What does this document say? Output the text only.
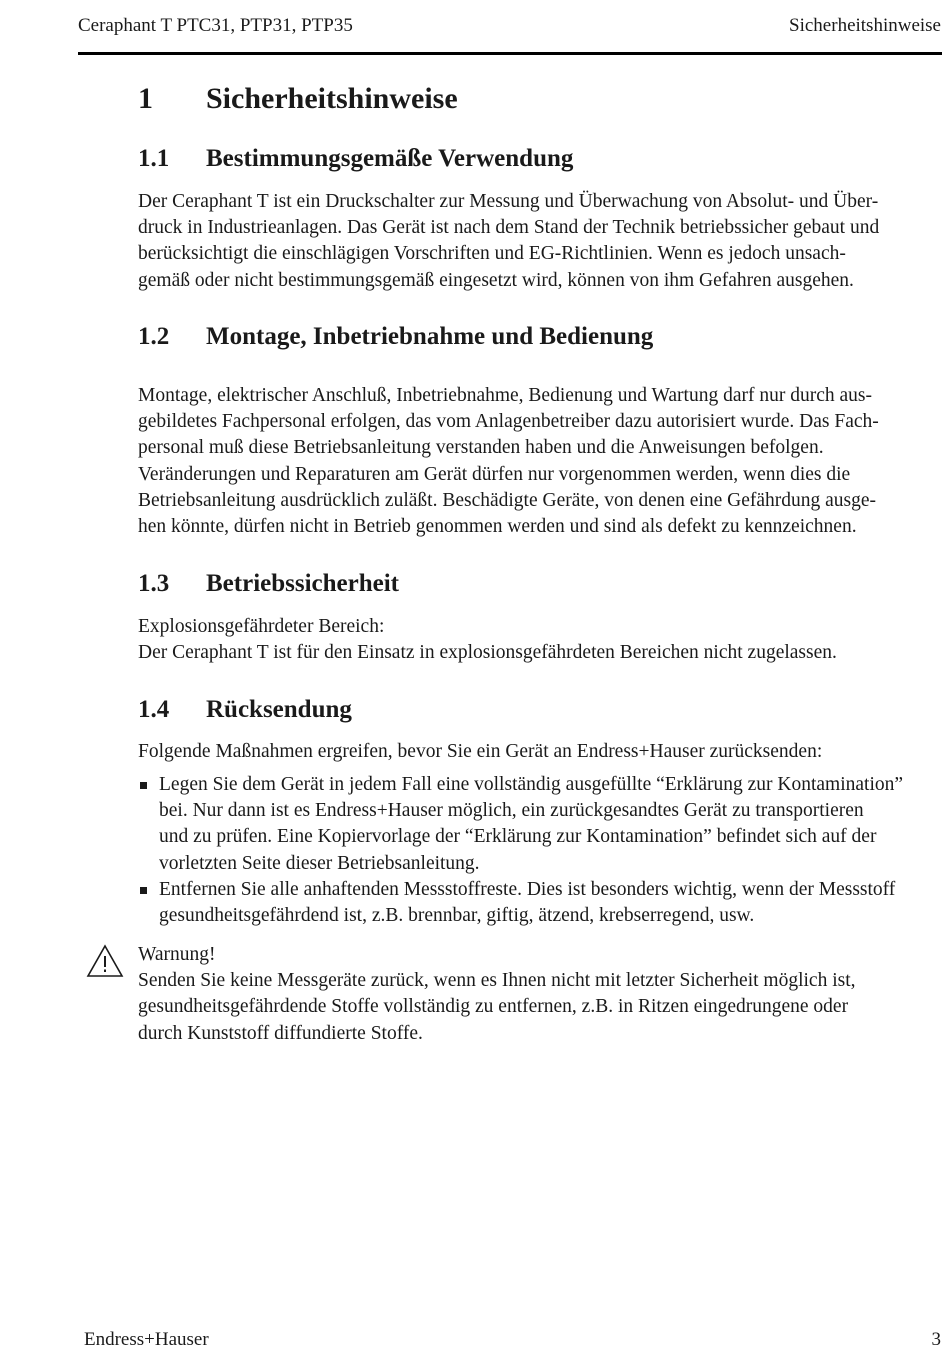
Ceraphant T PTC31, PTP31, PTP35	Sicherheitshinweise
1 Sicherheitshinweise
1.1 Bestimmungsgemäße Verwendung

Der Ceraphant T ist ein Druckschalter zur Messung und Überwachung von Absolut- und Über-
druck in Industrieanlagen. Das Gerät ist nach dem Stand der Technik betriebssicher gebaut und
berücksichtigt die einschlägigen Vorschriften und EG-Richtlinien. Wenn es jedoch unsach-
gemäß oder nicht bestimmungsgemäß eingesetzt wird, können von ihm Gefahren ausgehen.

1.2 Montage, Inbetriebnahme und Bedienung

Montage, elektrischer Anschluß, Inbetriebnahme, Bedienung und Wartung darf nur durch aus-
gebildetes Fachpersonal erfolgen, das vom Anlagenbetreiber dazu autorisiert wurde. Das Fach-
personal muß diese Betriebsanleitung verstanden haben und die Anweisungen befolgen.
Veränderungen und Reparaturen am Gerät dürfen nur vorgenommen werden, wenn dies die
Betriebsanleitung ausdrücklich zuläßt. Beschädigte Geräte, von denen eine Gefährdung ausge-
hen könnte, dürfen nicht in Betrieb genommen werden und sind als defekt zu kennzeichnen.

1.3 Betriebssicherheit

Explosionsgefährdeter Bereich:
Der Ceraphant T ist für den Einsatz in explosionsgefährdeten Bereichen nicht zugelassen.

1.4 Rücksendung

Folgende Maßnahmen ergreifen, bevor Sie ein Gerät an Endress+Hauser zurücksenden:

Legen Sie dem Gerät in jedem Fall eine vollständig ausgefüllte “Erklärung zur Kontamination”
bei. Nur dann ist es Endress+Hauser möglich, ein zurückgesandtes Gerät zu transportieren
und zu prüfen. Eine Kopiervorlage der “Erklärung zur Kontamination” befindet sich auf der
vorletzten Seite dieser Betriebsanleitung.
Entfernen Sie alle anhaftenden Messstoffreste. Dies ist besonders wichtig, wenn der Messstoff
gesundheitsgefährdend ist, z.B. brennbar, giftig, ätzend, krebserregend, usw.
Warnung!
Senden Sie keine Messgeräte zurück, wenn es Ihnen nicht mit letzter Sicherheit möglich ist,
gesundheitsgefährdende Stoffe vollständig zu entfernen, z.B. in Ritzen eingedrungene oder
durch Kunststoff diffundierte Stoffe.
Endress+Hauser	3
